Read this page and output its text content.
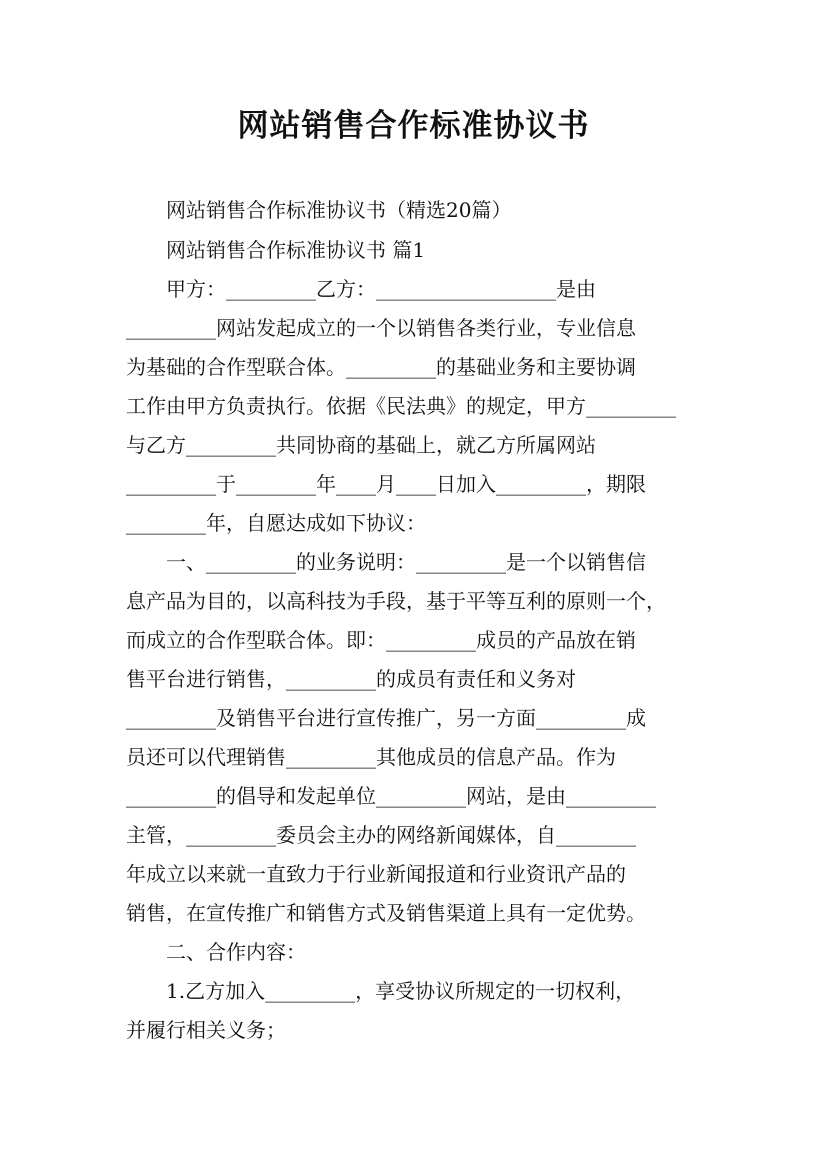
网站销售合作标准协议书
　　网站销售合作标准协议书（精选20篇）
　　网站销售合作标准协议书 篇1
　　甲方：_________乙方：__________________是由
_________网站发起成立的一个以销售各类行业，专业信息
为基础的合作型联合体。_________的基础业务和主要协调
工作由甲方负责执行。依据《民法典》的规定，甲方_________
与乙方_________共同协商的基础上，就乙方所属网站
_________于________年____月____日加入_________，期限
________年，自愿达成如下协议：
　　一、_________的业务说明：_________是一个以销售信
息产品为目的，以高科技为手段，基于平等互利的原则一个，
而成立的合作型联合体。即：_________成员的产品放在销
售平台进行销售，_________的成员有责任和义务对
_________及销售平台进行宣传推广，另一方面_________成
员还可以代理销售_________其他成员的信息产品。作为
_________的倡导和发起单位_________网站，是由_________
主管，_________委员会主办的网络新闻媒体，自________
年成立以来就一直致力于行业新闻报道和行业资讯产品的
销售，在宣传推广和销售方式及销售渠道上具有一定优势。
　　二、合作内容：
　　1.乙方加入_________，享受协议所规定的一切权利，
并履行相关义务；
